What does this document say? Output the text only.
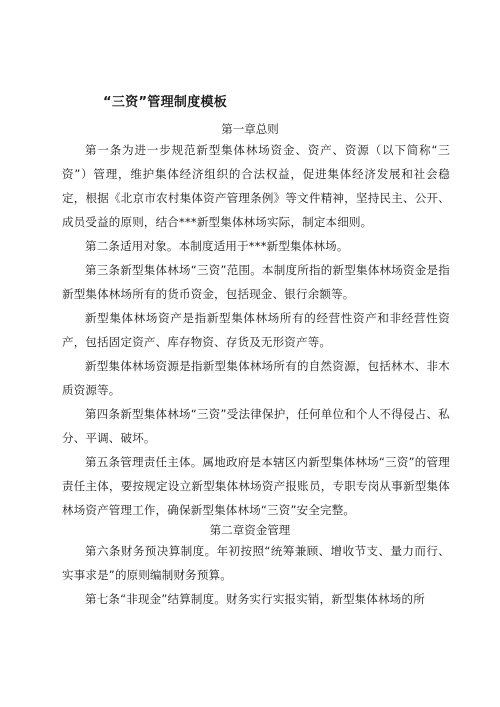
“三资”管理制度模板
第一章总则
第一条为进一步规范新型集体林场资金、资产、资源（以下简称“三资”）管理，维护集体经济组织的合法权益，促进集体经济发展和社会稳定，根据《北京市农村集体资产管理条例》等文件精神，坚持民主、公开、成员受益的原则，结合***新型集体林场实际，制定本细则。
第二条适用对象。本制度适用于***新型集体林场。
第三条新型集体林场“三资”范围。本制度所指的新型集体林场资金是指新型集体林场所有的货币资金，包括现金、银行余额等。
新型集体林场资产是指新型集体林场所有的经营性资产和非经营性资产，包括固定资产、库存物资、存货及无形资产等。
新型集体林场资源是指新型集体林场所有的自然资源，包括林木、非木质资源等。
第四条新型集体林场“三资”受法律保护，任何单位和个人不得侵占、私分、平调、破坏。
第五条管理责任主体。属地政府是本辖区内新型集体林场“三资”的管理责任主体，要按规定设立新型集体林场资产报账员，专职专岗从事新型集体林场资产管理工作，确保新型集体林场“三资”安全完整。
第二章资金管理
第六条财务预决算制度。年初按照“统筹兼顾、增收节支、量力而行、实事求是”的原则编制财务预算。
第七条“非现金”结算制度。财务实行实报实销，新型集体林场的所
